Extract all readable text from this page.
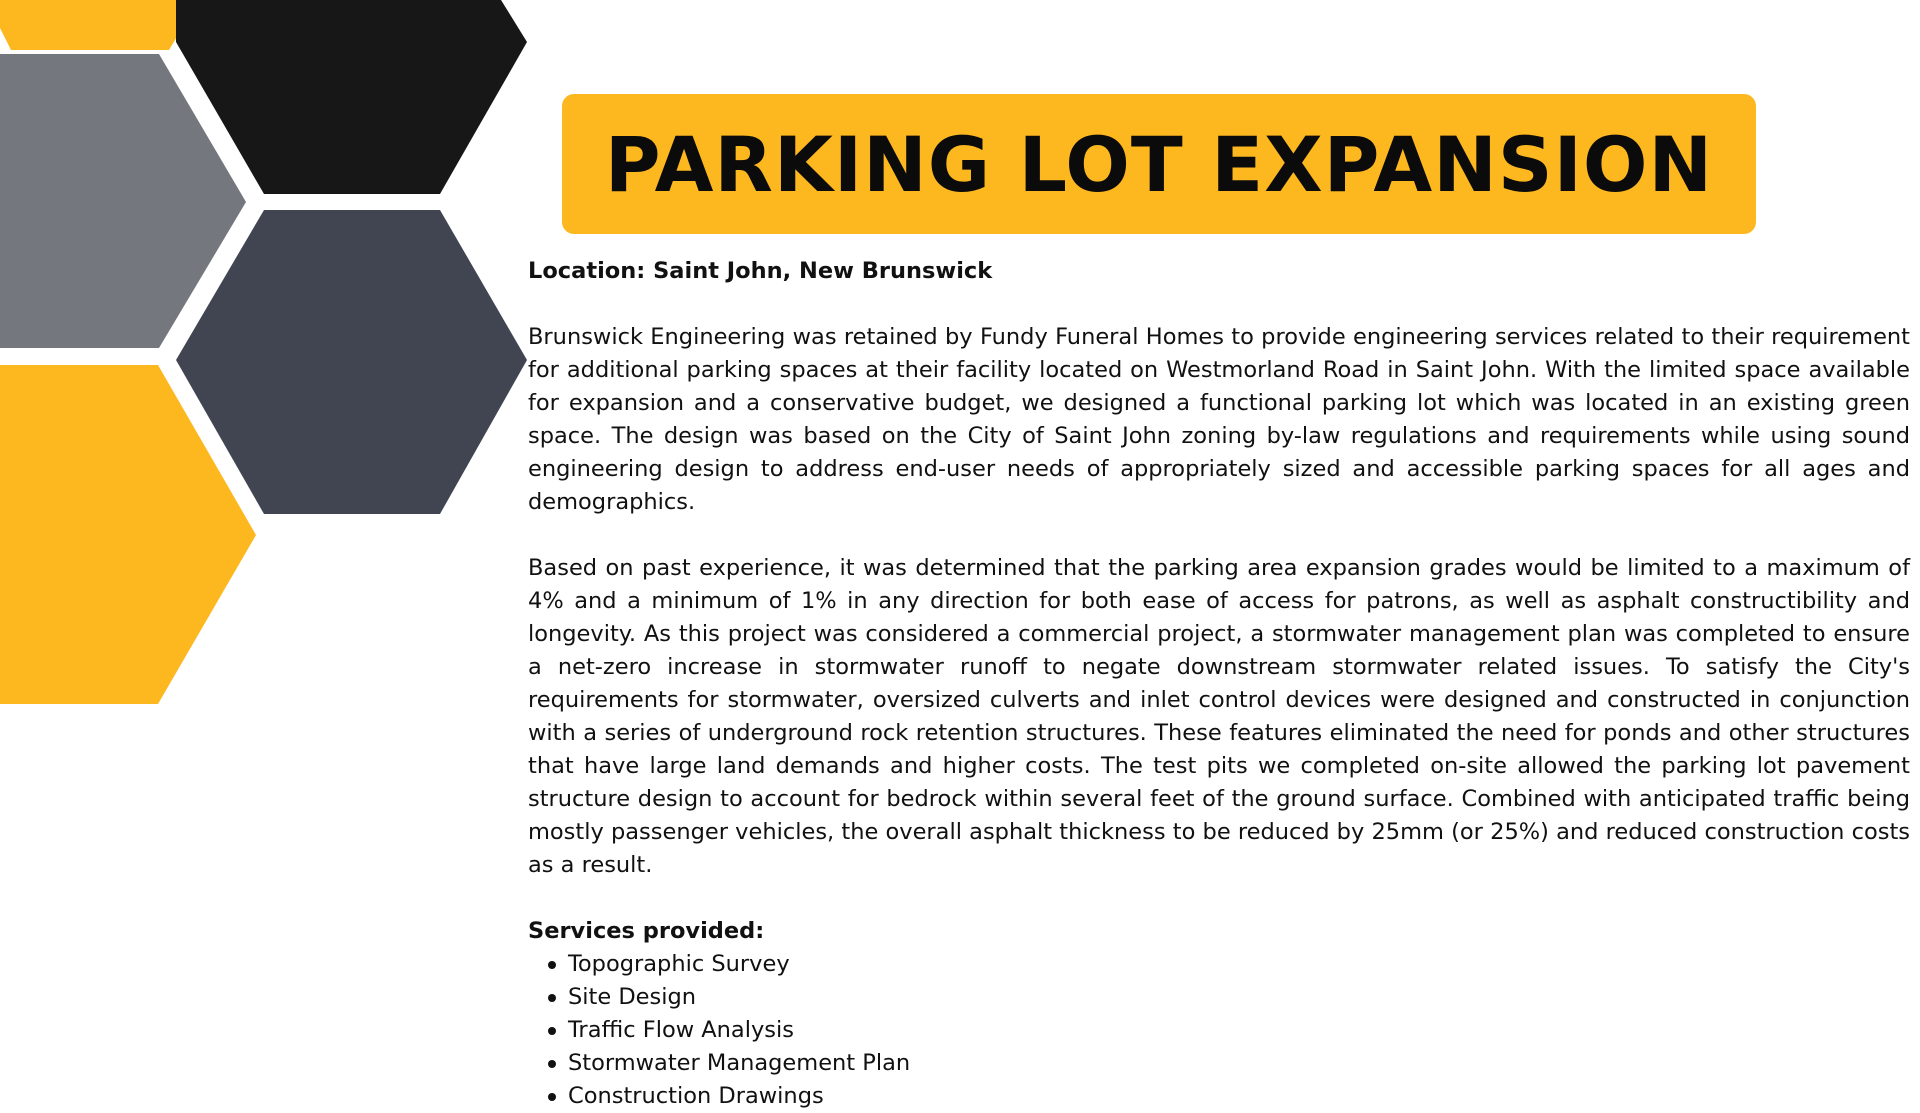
PARKING LOT EXPANSION

Location: Saint John, New Brunswick

Brunswick Engineering was retained by Fundy Funeral Homes to provide engineering services related to their requirement for additional parking spaces at their facility located on Westmorland Road in Saint John. With the limited space available for expansion and a conservative budget, we designed a functional parking lot which was located in an existing green space. The design was based on the City of Saint John zoning by-law regulations and requirements while using sound engineering design to address end-user needs of appropriately sized and accessible parking spaces for all ages and demographics.

Based on past experience, it was determined that the parking area expansion grades would be limited to a maximum of 4% and a minimum of 1% in any direction for both ease of access for patrons, as well as asphalt constructibility and longevity. As this project was considered a commercial project, a stormwater management plan was completed to ensure a net-zero increase in stormwater runoff to negate downstream stormwater related issues. To satisfy the City's requirements for stormwater, oversized culverts and inlet control devices were designed and constructed in conjunction with a series of underground rock retention structures. These features eliminated the need for ponds and other structures that have large land demands and higher costs. The test pits we completed on-site allowed the parking lot pavement structure design to account for bedrock within several feet of the ground surface. Combined with anticipated traffic being mostly passenger vehicles, the overall asphalt thickness to be reduced by 25mm (or 25%) and reduced construction costs as a result.

Services provided:

Topographic Survey
Site Design
Traffic Flow Analysis
Stormwater Management Plan
Construction Drawings
